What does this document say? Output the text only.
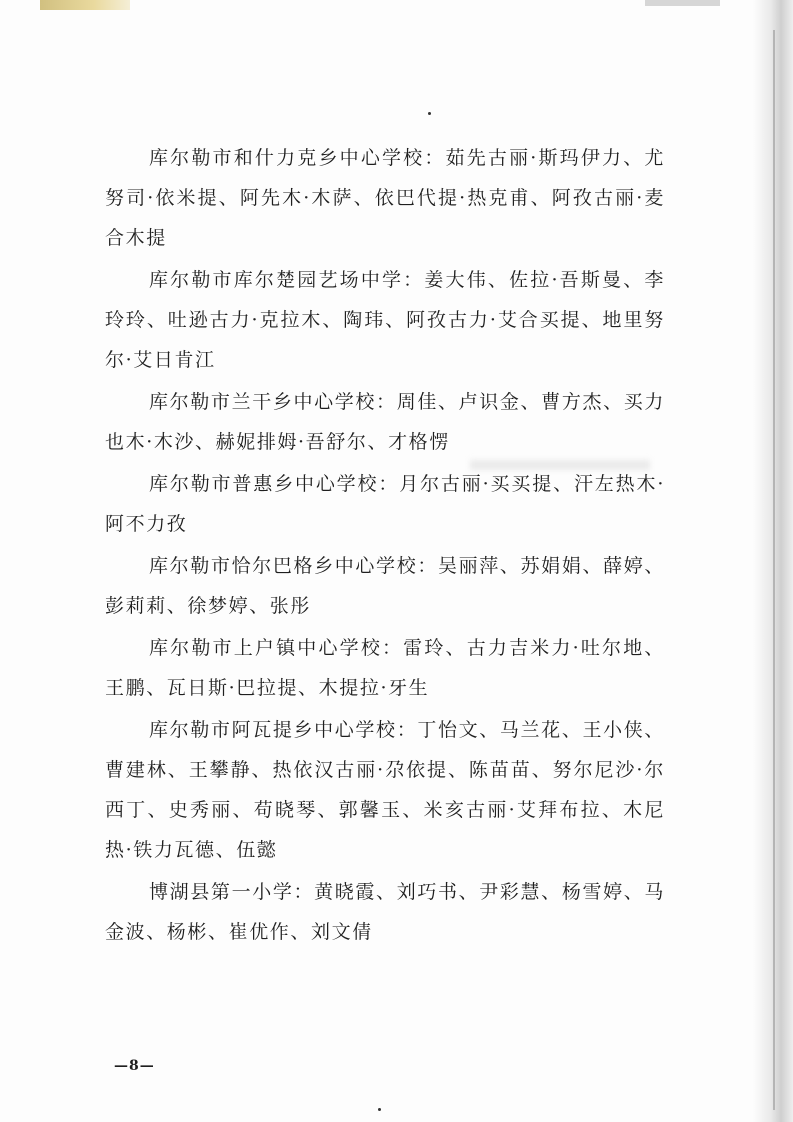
库尔勒市和什力克乡中心学校：茹先古丽·斯玛伊力、尤努司·依米提、阿先木·木萨、依巴代提·热克甫、阿孜古丽·麦合木提

库尔勒市库尔楚园艺场中学：姜大伟、佐拉·吾斯曼、李玲玲、吐逊古力·克拉木、陶玮、阿孜古力·艾合买提、地里努尔·艾日肯江

库尔勒市兰干乡中心学校：周佳、卢识金、曹方杰、买力也木·木沙、赫妮排姆·吾舒尔、才格愣

库尔勒市普惠乡中心学校：月尔古丽·买买提、汗左热木·阿不力孜

库尔勒市恰尔巴格乡中心学校：吴丽萍、苏娟娟、薛婷、彭莉莉、徐梦婷、张彤

库尔勒市上户镇中心学校：雷玲、古力吉米力·吐尔地、王鹏、瓦日斯·巴拉提、木提拉·牙生

库尔勒市阿瓦提乡中心学校：丁怡文、马兰花、王小侠、曹建林、王攀静、热依汉古丽·尕依提、陈苗苗、努尔尼沙·尔西丁、史秀丽、苟晓琴、郭馨玉、米亥古丽·艾拜布拉、木尼热·铁力瓦德、伍懿

博湖县第一小学：黄晓霞、刘巧书、尹彩慧、杨雪婷、马金波、杨彬、崔优作、刘文倩

—8—
